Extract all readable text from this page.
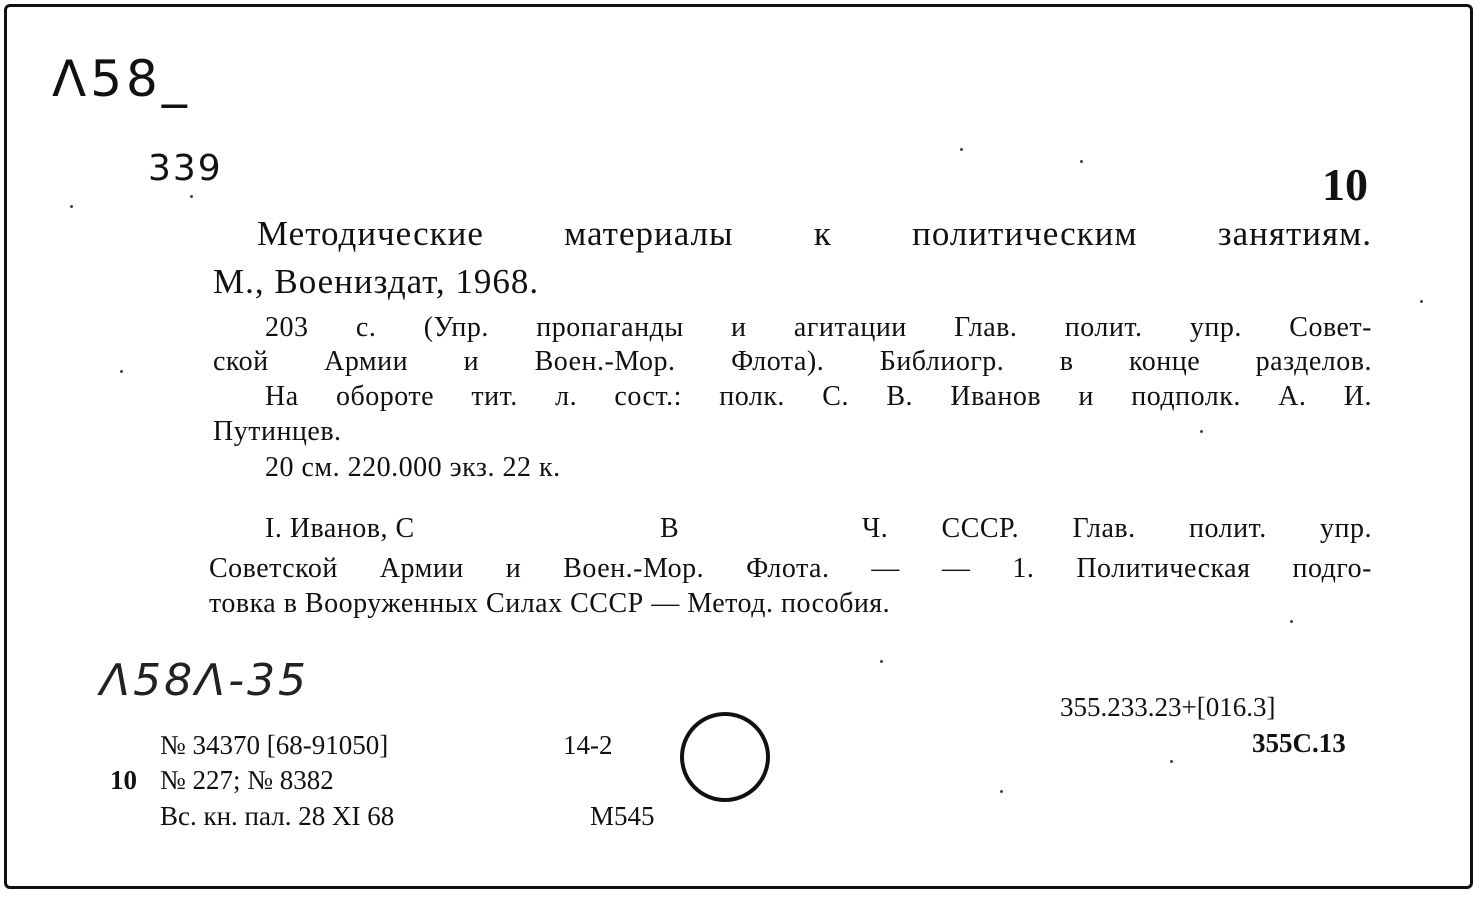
Λ58_
339	10
Методические материалы к политическим занятиям.
М., Воениздат, 1968.
203 с. (Упр. пропаганды и агитации Глав. полит. упр. Совет-
ской Армии и Воен.-Мор. Флота). Библиогр. в конце разделов.
На обороте тит. л. сост.: полк. С. В. Иванов и подполк. А. И.
Путинцев.
20 см. 220.000 экз. 22 к.
I. Иванов, С	В	Ч. СССР. Глав. полит. упр.
Советской Армии и Воен.-Мор. Флота. — — 1. Политическая подго-
товка в Вооруженных Силах СССР — Метод. пособия.
Λ58Λ-35
355.233.23+[016.3]
355С.13
№ 34370 [68-91050]	14-2
10 № 227; № 8382
Вс. кн. пал. 28 XI 68	М545
